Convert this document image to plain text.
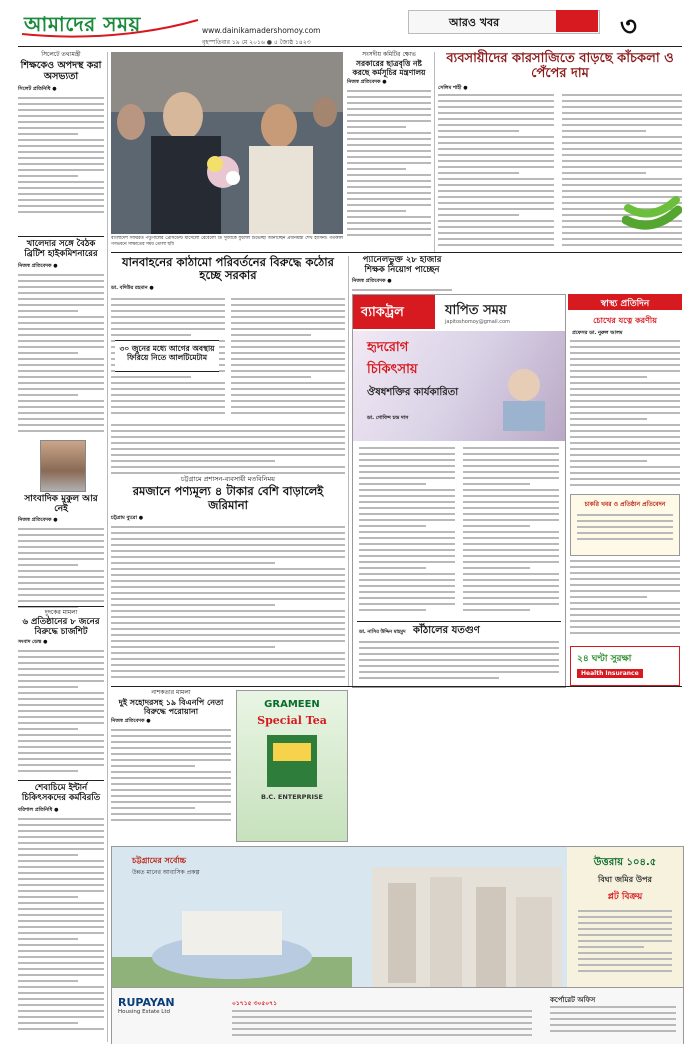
আমাদের সময়	www.dainikamadershomoy.com
বৃহস্পতিবার ১৯ মে ২০১৬ ● ৫ জ্যৈষ্ঠ ১৪২৩
আরও খবর	৩
সিলেটে তথ্যমন্ত্রী
শিক্ষকেও অপদস্থ করা অসভ্যতা
সিলেট প্রতিনিধি ●
খালেদার সঙ্গে বৈঠক ব্রিটিশ হাইকমিশনারের
নিজস্ব প্রতিবেদক ●
সাংবাদিক মুকুল আর নেই
নিজস্ব প্রতিবেদক ●
দুদকের মামলা
৬ প্রতিষ্ঠানের ৮ জনের বিরুদ্ধে চার্জশিট
সংবাদ ডেস্ক ●
শেবাচিমে ইন্টার্ন চিকিৎসকদের কর্মবিরতি
বরিশাল প্রতিনিধি ●
বাংলাদেশ সফররত পর্তুগালের প্রেসিডেন্ট মার্সেলো রেবেলো ডি সুজাকে ফুলেল শুভেচ্ছা জানাচ্ছেন প্রধানমন্ত্রী শেখ হাসিনা। গতকাল গণভবনে সাক্ষাতের সময় তোলা ছবি
সংসদীয় কমিটির ক্ষোভ
সরকারের ছাত্রবৃত্তি নষ্ট করছে কর্মসূচির মন্ত্রণালয়
নিজস্ব প্রতিবেদক ●
ব্যবসায়ীদের কারসাজিতে বাড়ছে কাঁচকলা ও পেঁপের দাম
সেলিম শাহী ●
যানবাহনের কাঠামো পরিবর্তনের বিরুদ্ধে কঠোর হচ্ছে সরকার
ডা. বদিউর রহমান ●
৩০ জুনের মধ্যে আগের অবস্থায় ফিরিয়ে নিতে আলটিমেটাম
চট্টগ্রামে প্রশাসন-ব্যবসায়ী মতবিনিময়
রমজানে পণ্যমূল্য ৪ টাকার বেশি বাড়ালেই জরিমানা
চট্টগ্রাম ব্যুরো ●
প্যানেলভুক্ত ২৮ হাজার শিক্ষক নিয়োগ পাচ্ছেন
নিজস্ব প্রতিবেদক ●
ব্যাকট্রল	যাপিত সময়
japitoshomoy@gmail.com
হৃদরোগ
চিকিৎসায়
ঔষধশক্তির কার্যকারিতা
ডা. গোবিন্দ চন্দ্র দাস
কাঁঠালের যতগুণ
ডা. নাসির উদ্দিন মাহমুদ
স্বাস্থ্য প্রতিদিন
চোখের যত্নে করণীয়
প্রফেসর ডা. নুরুল আলম
চাকরি খবর ও প্রতিষ্ঠান প্রতিবেদন
২৪ ঘণ্টা সুরক্ষা
Health Insurance
নাশকতার মামলা
দুই সহোদরসহ ১৯ বিএনপি নেতা বিরুদ্ধে পরোয়ানা
নিজস্ব প্রতিবেদক ●
GRAMEEN
Special Tea
B.C. ENTERPRISE
চট্টগ্রামের সর্বোচ্চ
উন্নত মানের আবাসিক প্রকল্প
উত্তরায় ১০৪.৫
বিঘা জমির উপর
প্লট বিক্রয়
RUPAYAN
Housing Estate Ltd
০১৭১৫ ৩০৫০৭১	কর্পোরেট অফিস
